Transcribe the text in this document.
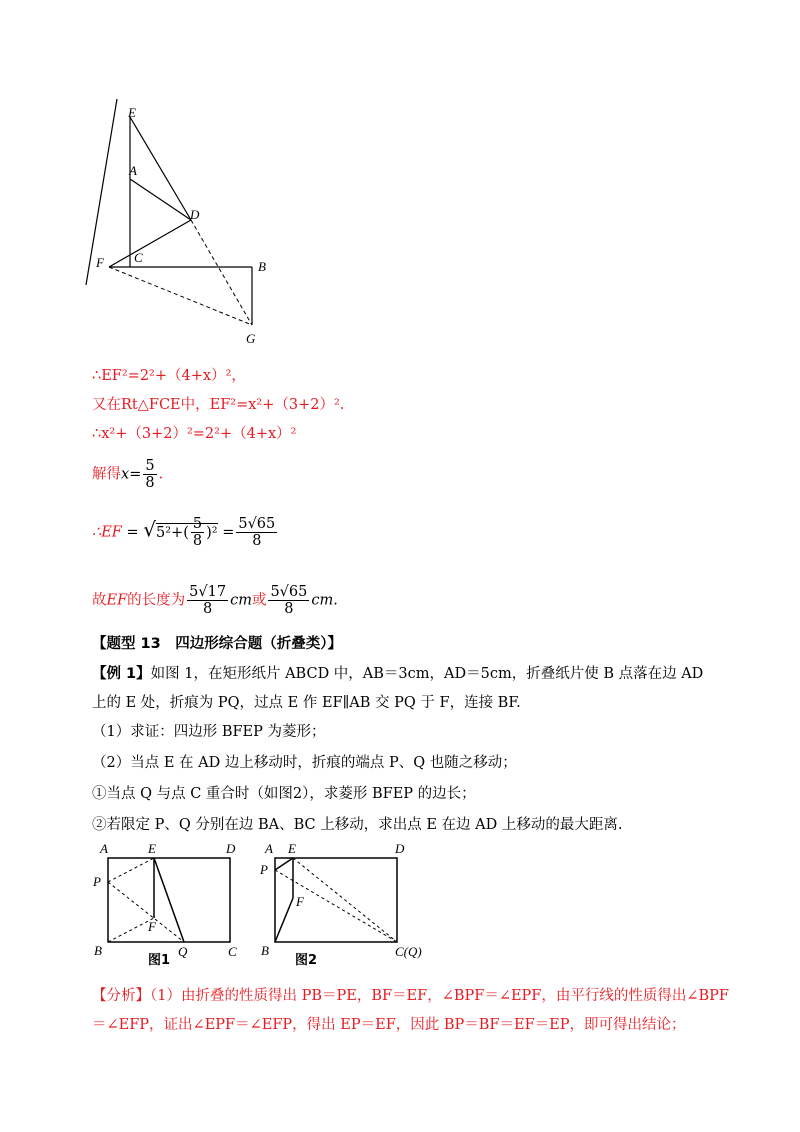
E
A
D
F C
B
G
∴EF²=2²+（4+x）²，
又在Rt△FCE中，EF²=x²+（3+2）².
∴x²+（3+2）²=2²+（4+x）²
解得$x= \frac{5}{8}$ .
∴EF = $√5^2+( \frac{5}{8} )^2 = \frac{5√65}{8}$
故EF的长度为 $\frac{5√17}{8}$ cm或 $\frac{5√65}{8}$ cm.
【题型 13　四边形综合题（折叠类）】
【例 1】如图 1，在矩形纸片 ABCD 中，AB＝3cm，AD＝5cm，折叠纸片使 B 点落在边 AD 上的 E 处，折痕为 PQ，过点 E 作 EF∥AB 交 PQ 于 F，连接 BF.
（1）求证：四边形 BFEP 为菱形；
（2）当点 E 在 AD 边上移动时，折痕的端点 P、Q 也随之移动；
①当点 Q 与点 C 重合时（如图2），求菱形 BFEP 的边长；
②若限定 P、Q 分别在边 BA、BC 上移动，求出点 E 在边 AD 上移动的最大距离.
A	E	D
P
F
B	Q	C
图1
A E	D
P
F
B	C(Q)
图2
【分析】（1）由折叠的性质得出 PB＝PE，BF＝EF，∠BPF＝∠EPF，由平行线的性质得出∠BPF＝∠EFP，证出∠EPF＝∠EFP，得出 EP＝EF，因此 BP＝BF＝EF＝EP，即可得出结论；
